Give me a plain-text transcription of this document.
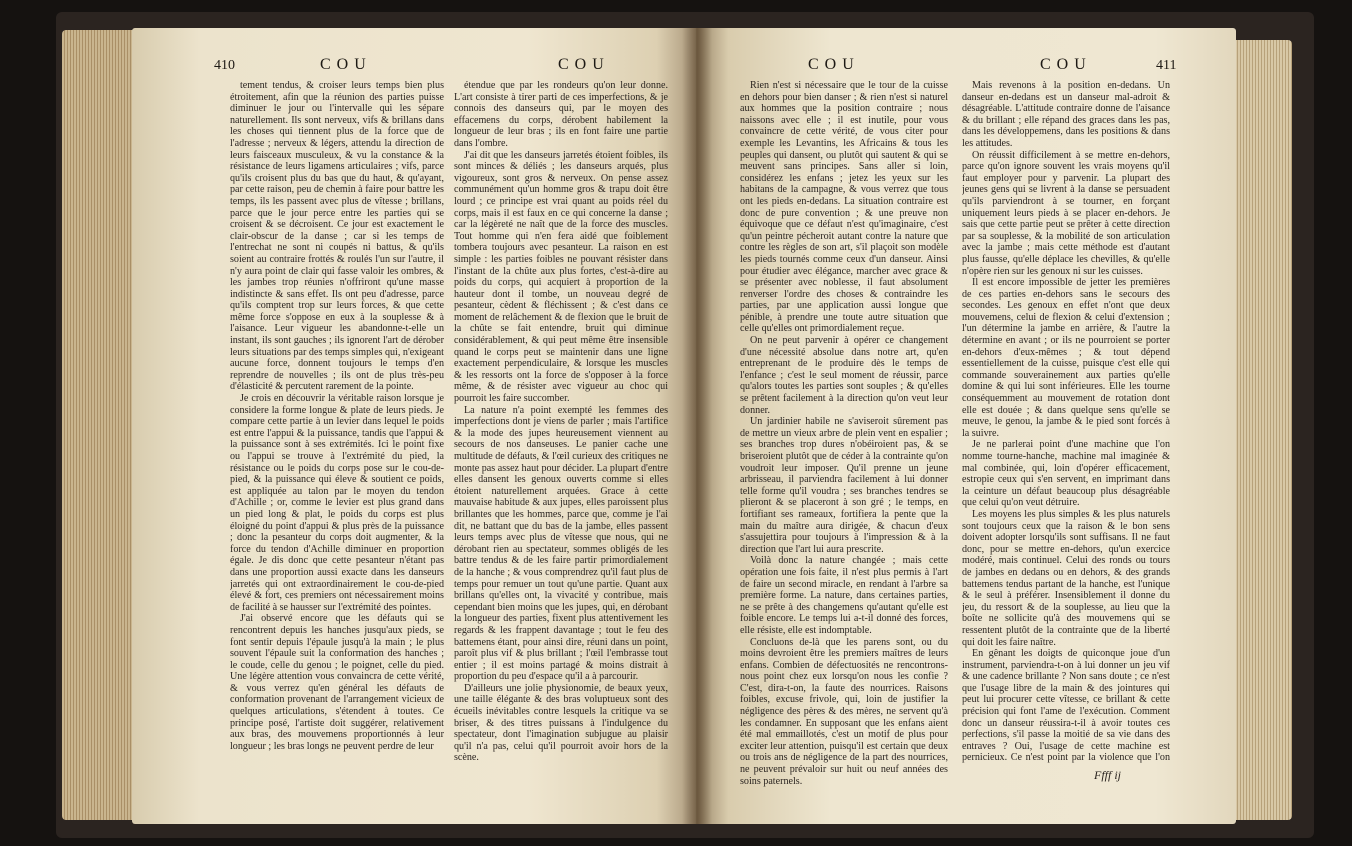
410	COU	COU

tement tendus, & croiser leurs temps bien plus étroitement, afin que la réunion des parties puisse diminuer le jour ou l'intervalle qui les sépare naturellement. Ils sont nerveux, vifs & brillans dans les choses qui tiennent plus de la force que de l'adresse ; nerveux & légers, attendu la direction de leurs faisceaux musculeux, & vu la constance & la résistance de leurs ligamens articulaires ; vifs, parce qu'ils croisent plus du bas que du haut, & qu'ayant, par cette raison, peu de chemin à faire pour battre les temps, ils les passent avec plus de vîtesse ; brillans, parce que le jour perce entre les parties qui se croisent & se décroisent. Ce jour est exactement le clair-obscur de la danse ; car si les temps de l'entrechat ne sont ni coupés ni battus, & qu'ils soient au contraire frottés & roulés l'un sur l'autre, il n'y aura point de clair qui fasse valoir les ombres, & les jambes trop réunies n'offriront qu'une masse indistincte & sans effet. Ils ont peu d'adresse, parce qu'ils comptent trop sur leurs forces, & que cette même force s'oppose en eux à la souplesse & à l'aisance. Leur vigueur les abandonne-t-elle un instant, ils sont gauches ; ils ignorent l'art de dérober leurs situations par des temps simples qui, n'exigeant aucune force, donnent toujours le temps d'en reprendre de nouvelles ; ils ont de plus très-peu d'élasticité & percutent rarement de la pointe.

Je crois en découvrir la véritable raison lorsque je considere la forme longue & plate de leurs pieds. Je compare cette partie à un levier dans lequel le poids est entre l'appui & la puissance, tandis que l'appui & la puissance sont à ses extrémités. Ici le point fixe ou l'appui se trouve à l'extrémité du pied, la résistance ou le poids du corps pose sur le cou-de-pied, & la puissance qui éleve & soutient ce poids, est appliquée au talon par le moyen du tendon d'Achille ; or, comme le levier est plus grand dans un pied long & plat, le poids du corps est plus éloigné du point d'appui & plus près de la puissance ; donc la pesanteur du corps doit augmenter, & la force du tendon d'Achille diminuer en proportion égale. Je dis donc que cette pesanteur n'étant pas dans une proportion aussi exacte dans les danseurs jarretés qui ont extraordinairement le cou-de-pied élevé & fort, ces premiers ont nécessairement moins de facilité à se hausser sur l'extrémité des pointes.

J'ai observé encore que les défauts qui se rencontrent depuis les hanches jusqu'aux pieds, se font sentir depuis l'épaule jusqu'à la main ; le plus souvent l'épaule suit la conformation des hanches ; le coude, celle du genou ; le poignet, celle du pied. Une légère attention vous convaincra de cette vérité, & vous verrez qu'en général les défauts de conformation provenant de l'arrangement vicieux de quelques articulations, s'étendent à toutes. Ce principe posé, l'artiste doit suggérer, relativement aux bras, des mouvemens proportionnés à leur longueur ; les bras longs ne peuvent perdre de leur

étendue que par les rondeurs qu'on leur donne. L'art consiste à tirer parti de ces imperfections, & je connois des danseurs qui, par le moyen des effacemens du corps, dérobent habilement la longueur de leur bras ; ils en font faire une partie dans l'ombre.

J'ai dit que les danseurs jarretés étoient foibles, ils sont minces & déliés ; les danseurs arqués, plus vigoureux, sont gros & nerveux. On pense assez communément qu'un homme gros & trapu doit être lourd ; ce principe est vrai quant au poids réel du corps, mais il est faux en ce qui concerne la danse ; car la légèreté ne naît que de la force des muscles. Tout homme qui n'en fera aidé que foiblement tombera toujours avec pesanteur. La raison en est simple : les parties foibles ne pouvant résister dans l'instant de la chûte aux plus fortes, c'est-à-dire au poids du corps, qui acquiert à proportion de la hauteur dont il tombe, un nouveau degré de pesanteur, cèdent & fléchissent ; & c'est dans ce moment de relâchement & de flexion que le bruit de la chûte se fait entendre, bruit qui diminue considérablement, & qui peut même être insensible quand le corps peut se maintenir dans une ligne exactement perpendiculaire, & lorsque les muscles & les ressorts ont la force de s'opposer à la force même, & de résister avec vigueur au choc qui pourroit les faire succomber.

La nature n'a point exempté les femmes des imperfections dont je viens de parler ; mais l'artifice & la mode des jupes heureusement viennent au secours de nos danseuses. Le panier cache une multitude de défauts, & l'œil curieux des critiques ne monte pas assez haut pour décider. La plupart d'entre elles dansent les genoux ouverts comme si elles étoient naturellement arquées. Grace à cette mauvaise habitude & aux jupes, elles paroissent plus brillantes que les hommes, parce que, comme je l'ai dit, ne battant que du bas de la jambe, elles passent leurs temps avec plus de vîtesse que nous, qui ne dérobant rien au spectateur, sommes obligés de les battre tendus & de les faire partir primordialement de la hanche ; & vous comprendrez qu'il faut plus de temps pour remuer un tout qu'une partie. Quant aux brillans qu'elles ont, la vivacité y contribue, mais cependant bien moins que les jupes, qui, en dérobant la longueur des parties, fixent plus attentivement les regards & les frappent davantage ; tout le feu des battemens étant, pour ainsi dire, réuni dans un point, paroît plus vif & plus brillant ; l'œil l'embrasse tout entier ; il est moins partagé & moins distrait à proportion du peu d'espace qu'il a à parcourir.

D'ailleurs une jolie physionomie, de beaux yeux, une taille élégante & des bras voluptueux sont des écueils inévitables contre lesquels la critique va se briser, & des titres puissans à l'indulgence du spectateur, dont l'imagination subjugue au plaisir qu'il n'a pas, celui qu'il pourroit avoir hors de la scène.

COU	COU	411

Rien n'est si nécessaire que le tour de la cuisse en dehors pour bien danser ; & rien n'est si naturel aux hommes que la position contraire ; nous naissons avec elle ; il est inutile, pour vous convaincre de cette vérité, de vous citer pour exemple les Levantins, les Africains & tous les peuples qui dansent, ou plutôt qui sautent & qui se meuvent sans principes. Sans aller si loin, considérez les enfans ; jetez les yeux sur les habitans de la campagne, & vous verrez que tous ont les pieds en-dedans. La situation contraire est donc de pure convention ; & une preuve non équivoque que ce défaut n'est qu'imaginaire, c'est qu'un peintre pécheroit autant contre la nature que contre les règles de son art, s'il plaçoit son modèle les pieds tournés comme ceux d'un danseur. Ainsi pour étudier avec élégance, marcher avec grace & se présenter avec noblesse, il faut absolument renverser l'ordre des choses & contraindre les parties, par une application aussi longue que pénible, à prendre une toute autre situation que celle qu'elles ont primordialement reçue.

On ne peut parvenir à opérer ce changement d'une nécessité absolue dans notre art, qu'en entreprenant de le produire dès le temps de l'enfance ; c'est le seul moment de réussir, parce qu'alors toutes les parties sont souples ; & qu'elles se prêtent facilement à la direction qu'on veut leur donner.

Un jardinier habile ne s'aviseroit sûrement pas de mettre un vieux arbre de plein vent en espalier ; ses branches trop dures n'obéiroient pas, & se briseroient plutôt que de céder à la contrainte qu'on voudroit leur imposer. Qu'il prenne un jeune arbrisseau, il parviendra facilement à lui donner telle forme qu'il voudra ; ses branches tendres se plieront & se placeront à son gré ; le temps, en fortifiant ses rameaux, fortifiera la pente que la main du maître aura dirigée, & chacun d'eux s'assujettira pour toujours à l'impression & à la direction que l'art lui aura prescrite.

Voilà donc la nature changée ; mais cette opération une fois faite, il n'est plus permis à l'art de faire un second miracle, en rendant à l'arbre sa première forme. La nature, dans certaines parties, ne se prête à des changemens qu'autant qu'elle est foible encore. Le temps lui a-t-il donné des forces, elle résiste, elle est indomptable.

Concluons de-là que les parens sont, ou du moins devroient être les premiers maîtres de leurs enfans. Combien de défectuosités ne rencontrons-nous point chez eux lorsqu'on nous les confie ? C'est, dira-t-on, la faute des nourrices. Raisons foibles, excuse frivole, qui, loin de justifier la négligence des pères & des mères, ne servent qu'à les condamner. En supposant que les enfans aient été mal emmaillotés, c'est un motif de plus pour exciter leur attention, puisqu'il est certain que deux ou trois ans de négligence de la part des nourrices, ne peuvent prévaloir sur huit ou neuf années des soins paternels.

Mais revenons à la position en-dedans. Un danseur en-dedans est un danseur mal-adroit & désagréable. L'attitude contraire donne de l'aisance & du brillant ; elle répand des graces dans les pas, dans les développemens, dans les positions & dans les attitudes.

On réussit difficilement à se mettre en-dehors, parce qu'on ignore souvent les vrais moyens qu'il faut employer pour y parvenir. La plupart des jeunes gens qui se livrent à la danse se persuadent qu'ils parviendront à se tourner, en forçant uniquement leurs pieds à se placer en-dehors. Je sais que cette partie peut se prêter à cette direction par sa souplesse, & la mobilité de son articulation avec la jambe ; mais cette méthode est d'autant plus fausse, qu'elle déplace les chevilles, & qu'elle n'opère rien sur les genoux ni sur les cuisses.

Il est encore impossible de jetter les premières de ces parties en-dehors sans le secours des secondes. Les genoux en effet n'ont que deux mouvemens, celui de flexion & celui d'extension ; l'un détermine la jambe en arrière, & l'autre la détermine en avant ; or ils ne pourroient se porter en-dehors d'eux-mêmes ; & tout dépend essentiellement de la cuisse, puisque c'est elle qui commande souverainement aux parties qu'elle domine & qui lui sont inférieures. Elle les tourne conséquemment au mouvement de rotation dont elle est douée ; & dans quelque sens qu'elle se meuve, le genou, la jambe & le pied sont forcés à la suivre.

Je ne parlerai point d'une machine que l'on nomme tourne-hanche, machine mal imaginée & mal combinée, qui, loin d'opérer efficacement, estropie ceux qui s'en servent, en imprimant dans la ceinture un défaut beaucoup plus désagréable que celui qu'on veut détruire.

Les moyens les plus simples & les plus naturels sont toujours ceux que la raison & le bon sens doivent adopter lorsqu'ils sont suffisans. Il ne faut donc, pour se mettre en-dehors, qu'un exercice modéré, mais continuel. Celui des ronds ou tours de jambes en dedans ou en dehors, & des grands battemens tendus partant de la hanche, est l'unique & le seul à préférer. Insensiblement il donne du jeu, du ressort & de la souplesse, au lieu que la boîte ne sollicite qu'à des mouvemens qui se ressentent plutôt de la contrainte que de la liberté qui doit les faire naître.

En gênant les doigts de quiconque joue d'un instrument, parviendra-t-on à lui donner un jeu vif & une cadence brillante ? Non sans doute ; ce n'est que l'usage libre de la main & des jointures qui peut lui procurer cette vîtesse, ce brillant & cette précision qui font l'ame de l'exécution. Comment donc un danseur réussira-t-il à avoir toutes ces perfections, s'il passe la moitié de sa vie dans des entraves ? Oui, l'usage de cette machine est pernicieux. Ce n'est point par la violence que l'on

Ffff ij
